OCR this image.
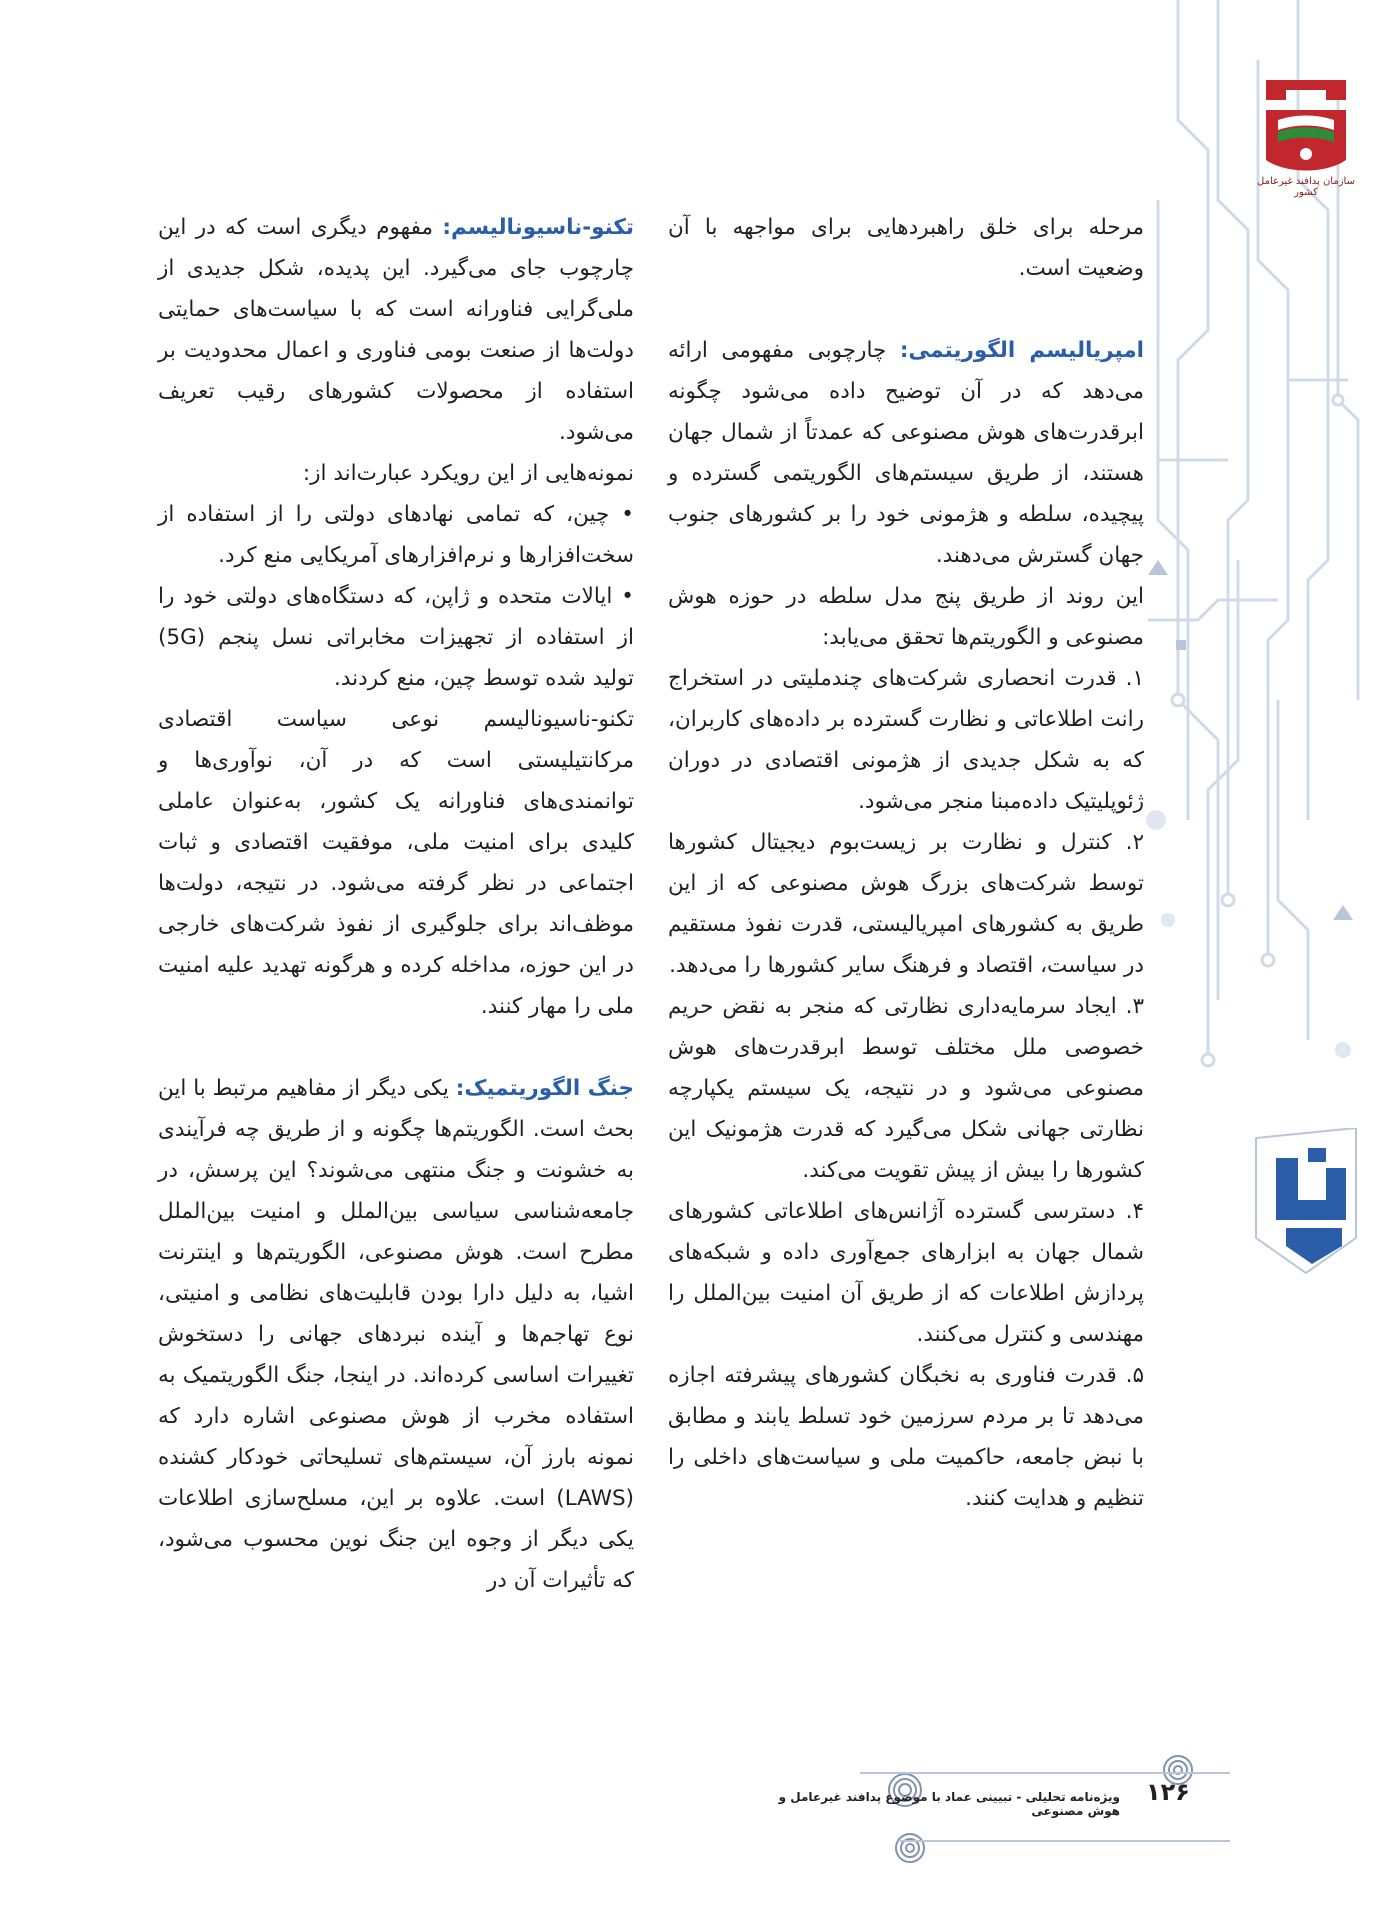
سازمان پدافند غیرعامل کشور

مرحله برای خلق راهبردهایی برای مواجهه با آن وضعیت است.

امپریالیسم الگوریتمی: چارچوبی مفهومی ارائه می‌دهد که در آن توضیح داده می‌شود چگونه ابرقدرت‌های هوش مصنوعی که عمدتاً از شمال جهان هستند، از طریق سیستم‌های الگوریتمی گسترده و پیچیده، سلطه و هژمونی خود را بر کشورهای جنوب جهان گسترش می‌دهند.

این روند از طریق پنج مدل سلطه در حوزه هوش مصنوعی و الگوریتم‌ها تحقق می‌یابد:

۱. قدرت انحصاری شرکت‌های چندملیتی در استخراج رانت اطلاعاتی و نظارت گسترده بر داده‌های کاربران، که به شکل جدیدی از هژمونی اقتصادی در دوران ژئوپلیتیک داده‌مبنا منجر می‌شود.

۲. کنترل و نظارت بر زیست‌بوم دیجیتال کشورها توسط شرکت‌های بزرگ هوش مصنوعی که از این طریق به کشورهای امپریالیستی، قدرت نفوذ مستقیم در سیاست، اقتصاد و فرهنگ سایر کشورها را می‌دهد.

۳. ایجاد سرمایه‌داری نظارتی که منجر به نقض حریم خصوصی ملل مختلف توسط ابرقدرت‌های هوش مصنوعی می‌شود و در نتیجه، یک سیستم یکپارچه نظارتی جهانی شکل می‌گیرد که قدرت هژمونیک این کشورها را بیش از پیش تقویت می‌کند.

۴. دسترسی گسترده آژانس‌های اطلاعاتی کشورهای شمال جهان به ابزارهای جمع‌آوری داده و شبکه‌های پردازش اطلاعات که از طریق آن امنیت بین‌الملل را مهندسی و کنترل می‌کنند.

۵. قدرت فناوری به نخبگان کشورهای پیشرفته اجازه می‌دهد تا بر مردم سرزمین خود تسلط یابند و مطابق با نبض جامعه، حاکمیت ملی و سیاست‌های داخلی را تنظیم و هدایت کنند.

تکنو-ناسیونالیسم: مفهوم دیگری است که در این چارچوب جای می‌گیرد. این پدیده، شکل جدیدی از ملی‌گرایی فناورانه است که با سیاست‌های حمایتی دولت‌ها از صنعت بومی فناوری و اعمال محدودیت بر استفاده از محصولات کشورهای رقیب تعریف می‌شود.

نمونه‌هایی از این رویکرد عبارت‌اند از:

• چین، که تمامی نهادهای دولتی را از استفاده از سخت‌افزارها و نرم‌افزارهای آمریکایی منع کرد.

• ایالات متحده و ژاپن، که دستگاه‌های دولتی خود را از استفاده از تجهیزات مخابراتی نسل پنجم (5G) تولید شده توسط چین، منع کردند.

تکنو-ناسیونالیسم نوعی سیاست اقتصادی مرکانتیلیستی است که در آن، نوآوری‌ها و توانمندی‌های فناورانه یک کشور، به‌عنوان عاملی کلیدی برای امنیت ملی، موفقیت اقتصادی و ثبات اجتماعی در نظر گرفته می‌شود. در نتیجه، دولت‌ها موظف‌اند برای جلوگیری از نفوذ شرکت‌های خارجی در این حوزه، مداخله کرده و هرگونه تهدید علیه امنیت ملی را مهار کنند.

جنگ الگوریتمیک: یکی دیگر از مفاهیم مرتبط با این بحث است. الگوریتم‌ها چگونه و از طریق چه فرآیندی به خشونت و جنگ منتهی می‌شوند؟ این پرسش، در جامعه‌شناسی سیاسی بین‌الملل و امنیت بین‌الملل مطرح است. هوش مصنوعی، الگوریتم‌ها و اینترنت اشیا، به دلیل دارا بودن قابلیت‌های نظامی و امنیتی، نوع تهاجم‌ها و آینده نبردهای جهانی را دستخوش تغییرات اساسی کرده‌اند. در اینجا، جنگ الگوریتمیک به استفاده مخرب از هوش مصنوعی اشاره دارد که نمونه بارز آن، سیستم‌های تسلیحاتی خودکار کشنده (LAWS) است. علاوه بر این، مسلح‌سازی اطلاعات یکی دیگر از وجوه این جنگ نوین محسوب می‌شود، که تأثیرات آن در

ویژه‌نامه تحلیلی - تبیینی عماد با موضوع پدافند غیرعامل و هوش مصنوعی
۱۲۶
